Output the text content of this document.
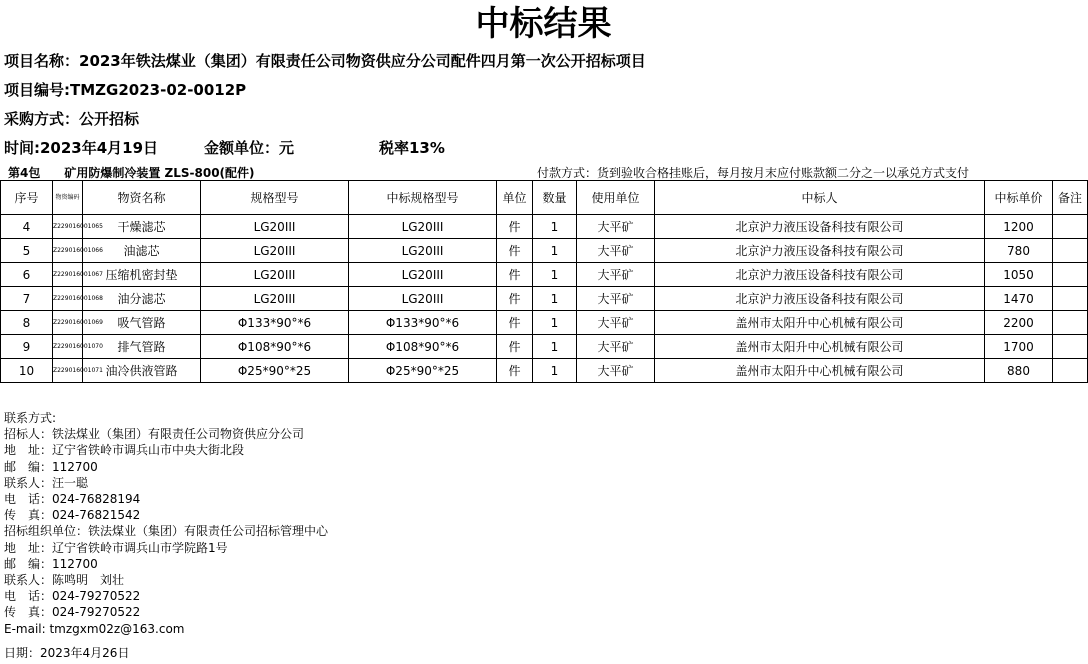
中标结果
项目名称：2023年铁法煤业（集团）有限责任公司物资供应分公司配件四月第一次公开招标项目
项目编号:TMZG2023-02-0012P
采购方式：公开招标
时间:2023年4月19日	金额单位：元	税率13%
第4包　　矿用防爆制冷装置 ZLS-800(配件)	付款方式：货到验收合格挂账后，每月按月末应付账款额二分之一以承兑方式支付
序号	物资编码	物资名称	规格型号	中标规格型号	单位	数量	使用单位	中标人	中标单价	备注
4	Z229016001065	干燥滤芯	LG20III	LG20III	件	1	大平矿	北京沪力液压设备科技有限公司	1200	
5	Z229016001066	油滤芯	LG20III	LG20III	件	1	大平矿	北京沪力液压设备科技有限公司	780	
6	Z229016001067	压缩机密封垫	LG20III	LG20III	件	1	大平矿	北京沪力液压设备科技有限公司	1050	
7	Z229016001068	油分滤芯	LG20III	LG20III	件	1	大平矿	北京沪力液压设备科技有限公司	1470	
8	Z229016001069	吸气管路	Φ133*90°*6	Φ133*90°*6	件	1	大平矿	盖州市太阳升中心机械有限公司	2200	
9	Z229016001070	排气管路	Φ108*90°*6	Φ108*90°*6	件	1	大平矿	盖州市太阳升中心机械有限公司	1700	
10	Z229016001071	油冷供液管路	Φ25*90°*25	Φ25*90°*25	件	1	大平矿	盖州市太阳升中心机械有限公司	880	
联系方式:
招标人：铁法煤业（集团）有限责任公司物资供应分公司
地　址：辽宁省铁岭市调兵山市中央大街北段
邮　编：112700
联系人：汪一聪
电　话：024-76828194
传　真：024-76821542
招标组织单位：铁法煤业（集团）有限责任公司招标管理中心
地　址：辽宁省铁岭市调兵山市学院路1号
邮　编：112700
联系人：陈鸣明　刘壮
电　话：024-79270522
传　真：024-79270522
E-mail: tmzgxm02z@163.com
日期：2023年4月26日
